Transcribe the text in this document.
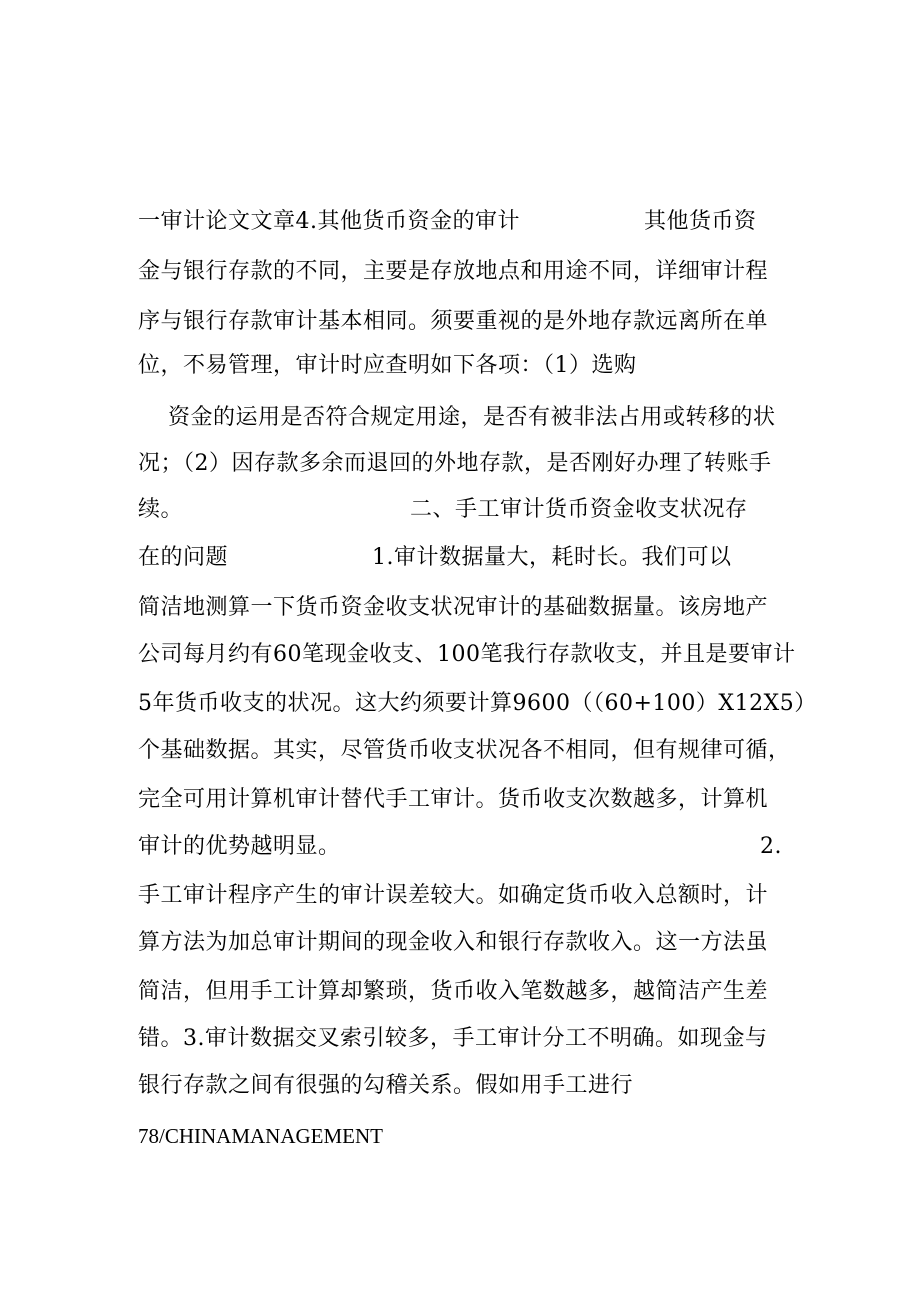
一审计论文文章4.其他货币资金的审计

	其他货币资

金与银行存款的不同，主要是存放地点和用途不同，详细审计程

序与银行存款审计基本相同。须要重视的是外地存款远离所在单

位，不易管理，审计时应查明如下各项：（1）选购

资金的运用是否符合规定用途，是否有被非法占用或转移的状

况；（2）因存款多余而退回的外地存款，是否刚好办理了转账手

续。

	二、手工审计货币资金收支状况存

在的问题

	1.审计数据量大，耗时长。我们可以

简洁地测算一下货币资金收支状况审计的基础数据量。该房地产

公司每月约有60笔现金收支、100笔我行存款收支，并且是要审计

5年货币收支的状况。这大约须要计算9600（（60+100）X12X5）

个基础数据。其实，尽管货币收支状况各不相同，但有规律可循，

完全可用计算机审计替代手工审计。货币收支次数越多，计算机

审计的优势越明显。

	2.

手工审计程序产生的审计误差较大。如确定货币收入总额时，计

算方法为加总审计期间的现金收入和银行存款收入。这一方法虽

简洁，但用手工计算却繁琐，货币收入笔数越多，越简洁产生差

错。3.审计数据交叉索引较多，手工审计分工不明确。如现金与

银行存款之间有很强的勾稽关系。假如用手工进行

78/CHINAMANAGEMENT
